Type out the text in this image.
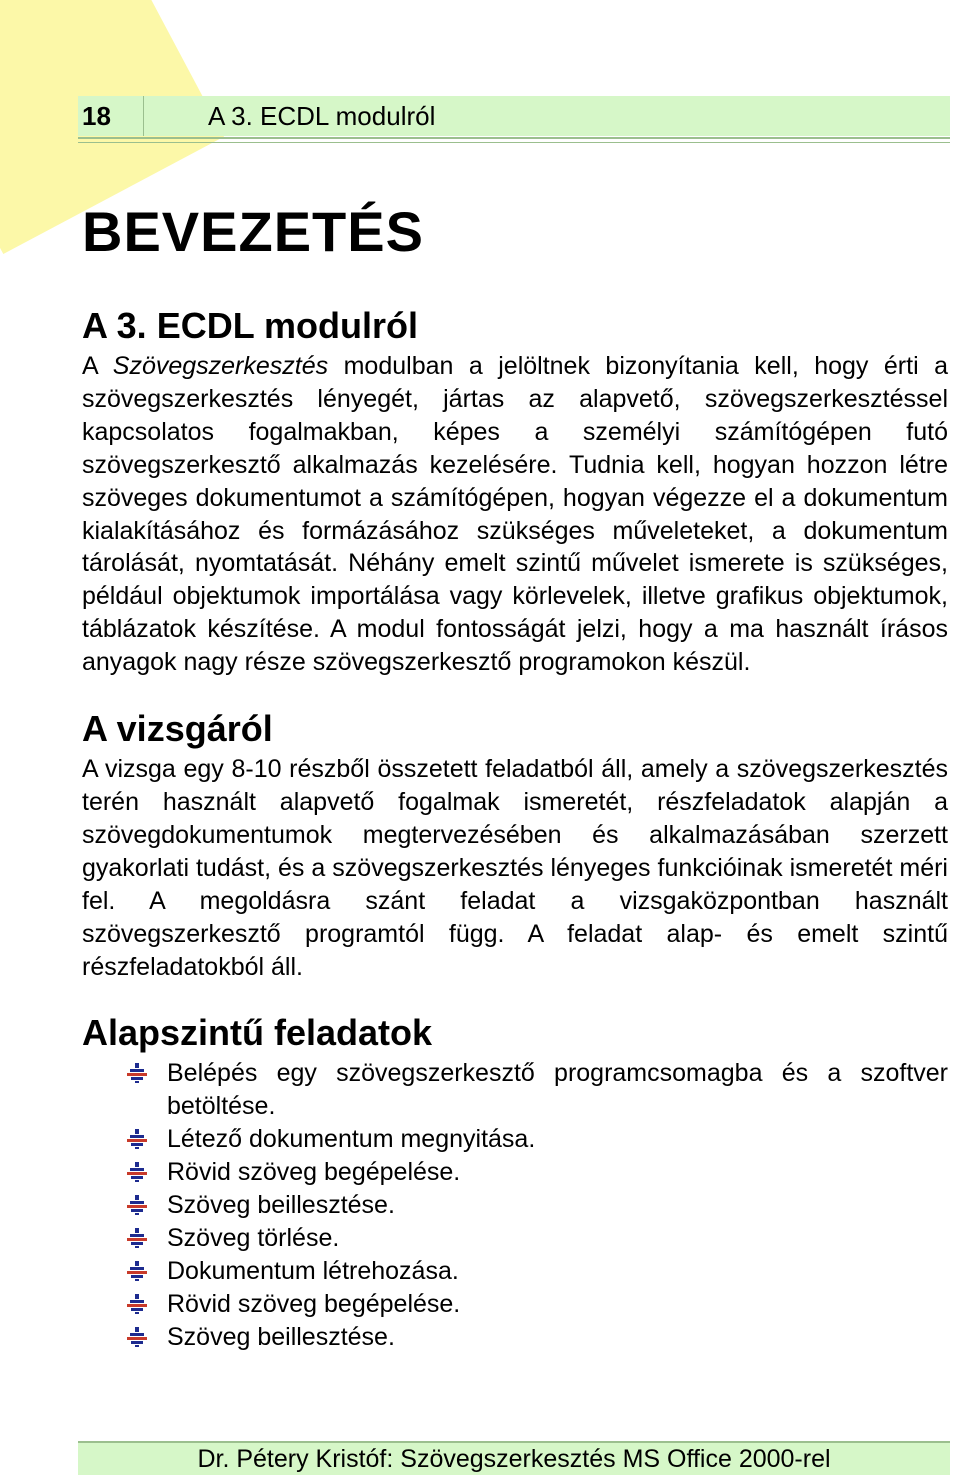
18	A 3. ECDL modulról
BEVEZETÉS
A 3. ECDL modulról

A Szövegszerkesztés modulban a jelöltnek bizonyítania kell, hogy érti a szövegszerkesztés lényegét, jártas az alapvető, szövegszerkesztéssel kapcsolatos fogalmakban, képes a személyi számítógépen futó szövegszerkesztő alkalmazás kezelésére. Tudnia kell, hogyan hozzon létre szöveges dokumentumot a számítógépen, hogyan végezze el a dokumentum kialakításához és formázásához szükséges műveleteket, a dokumentum tárolását, nyomtatását. Néhány emelt szintű művelet ismerete is szükséges, például objektumok importálása vagy körlevelek, illetve grafikus objektumok, táblázatok készítése. A modul fontosságát jelzi, hogy a ma használt írásos anyagok nagy része szövegszerkesztő programokon készül.

A vizsgáról

A vizsga egy 8-10 részből összetett feladatból áll, amely a szövegszerkesztés terén használt alapvető fogalmak ismeretét, részfeladatok alapján a szövegdokumentumok megtervezésében és alkalmazásában szerzett gyakorlati tudást, és a szövegszerkesztés lényeges funkcióinak ismeretét méri fel. A megoldásra szánt feladat a vizsgaközpontban használt szövegszerkesztő programtól függ. A feladat alap- és emelt szintű részfeladatokból áll.

Alapszintű feladatok
Belépés egy szövegszerkesztő programcsomagba és a szoftver betöltése.
Létező dokumentum megnyitása.
Rövid szöveg begépelése.
Szöveg beillesztése.
Szöveg törlése.
Dokumentum létrehozása.
Rövid szöveg begépelése.
Szöveg beillesztése.
Dr. Pétery Kristóf: Szövegszerkesztés MS Office 2000-rel
